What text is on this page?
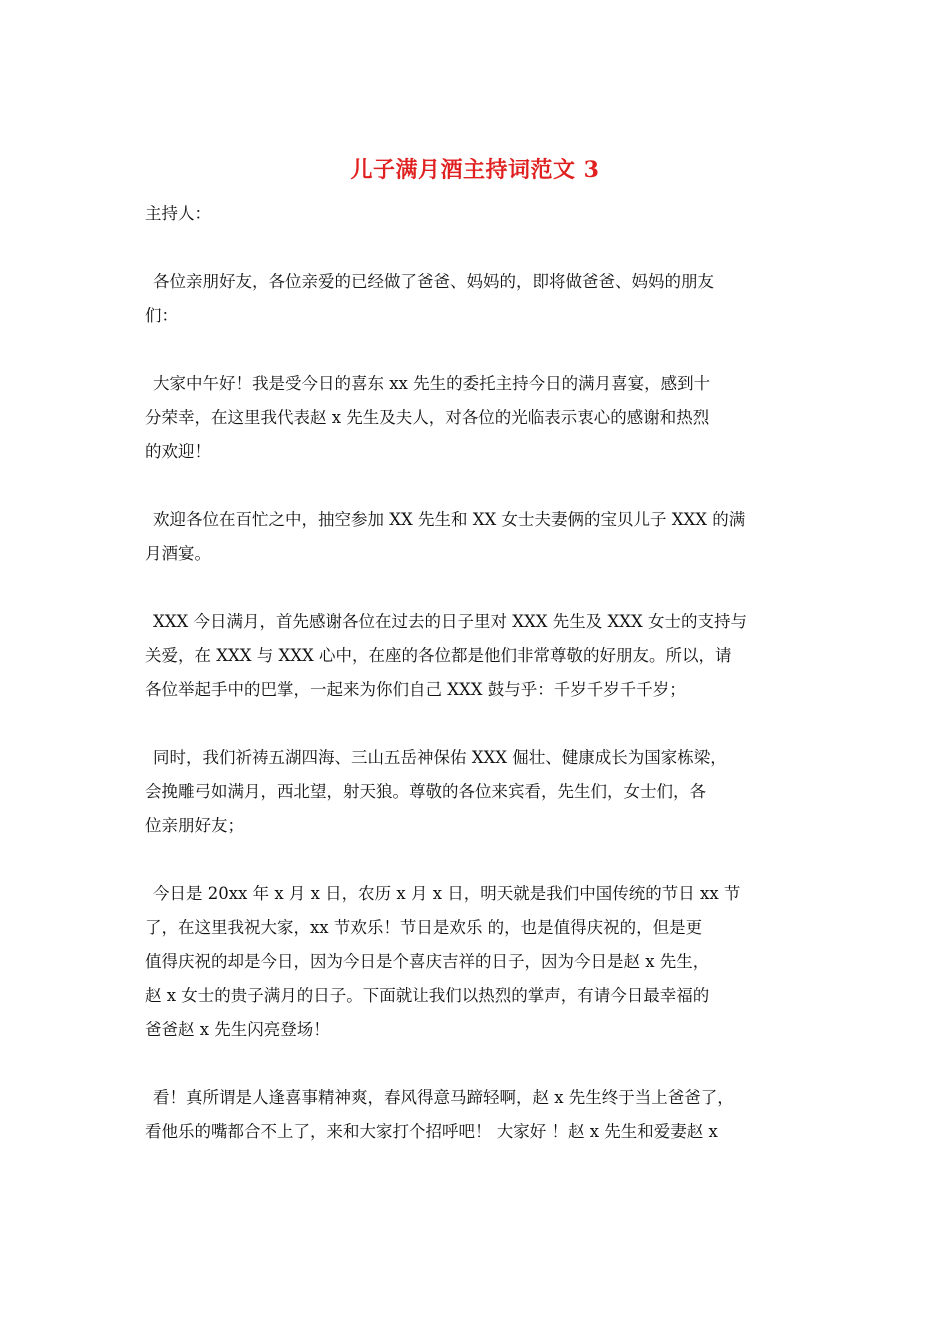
儿子满月酒主持词范文 3
主持人：
各位亲朋好友，各位亲爱的已经做了爸爸、妈妈的，即将做爸爸、妈妈的朋友
们：
大家中午好！我是受今日的喜东 xx 先生的委托主持今日的满月喜宴，感到十
分荣幸，在这里我代表赵 x 先生及夫人，对各位的光临表示衷心的感谢和热烈
的欢迎！
欢迎各位在百忙之中，抽空参加 XX 先生和 XX 女士夫妻俩的宝贝儿子 XXX 的满
月酒宴。
XXX 今日满月，首先感谢各位在过去的日子里对 XXX 先生及 XXX 女士的支持与
关爱，在 XXX 与 XXX 心中，在座的各位都是他们非常尊敬的好朋友。所以，请
各位举起手中的巴掌，一起来为你们自己 XXX 鼓与乎：千岁千岁千千岁；
同时，我们祈祷五湖四海、三山五岳神保佑 XXX 倔壮、健康成长为国家栋梁，
会挽雕弓如满月，西北望，射天狼。尊敬的各位来宾看，先生们，女士们，各
位亲朋好友；
今日是 20xx 年 x 月 x 日，农历 x 月 x 日，明天就是我们中国传统的节日 xx 节
了，在这里我祝大家，xx 节欢乐！节日是欢乐 的，也是值得庆祝的，但是更
值得庆祝的却是今日，因为今日是个喜庆吉祥的日子，因为今日是赵 x 先生，
赵 x 女士的贵子满月的日子。下面就让我们以热烈的掌声，有请今日最幸福的
爸爸赵 x 先生闪亮登场！
看！真所谓是人逢喜事精神爽，春风得意马蹄轻啊，赵 x 先生终于当上爸爸了，
看他乐的嘴都合不上了，来和大家打个招呼吧！ 大家好 ！赵 x 先生和爱妻赵 x
